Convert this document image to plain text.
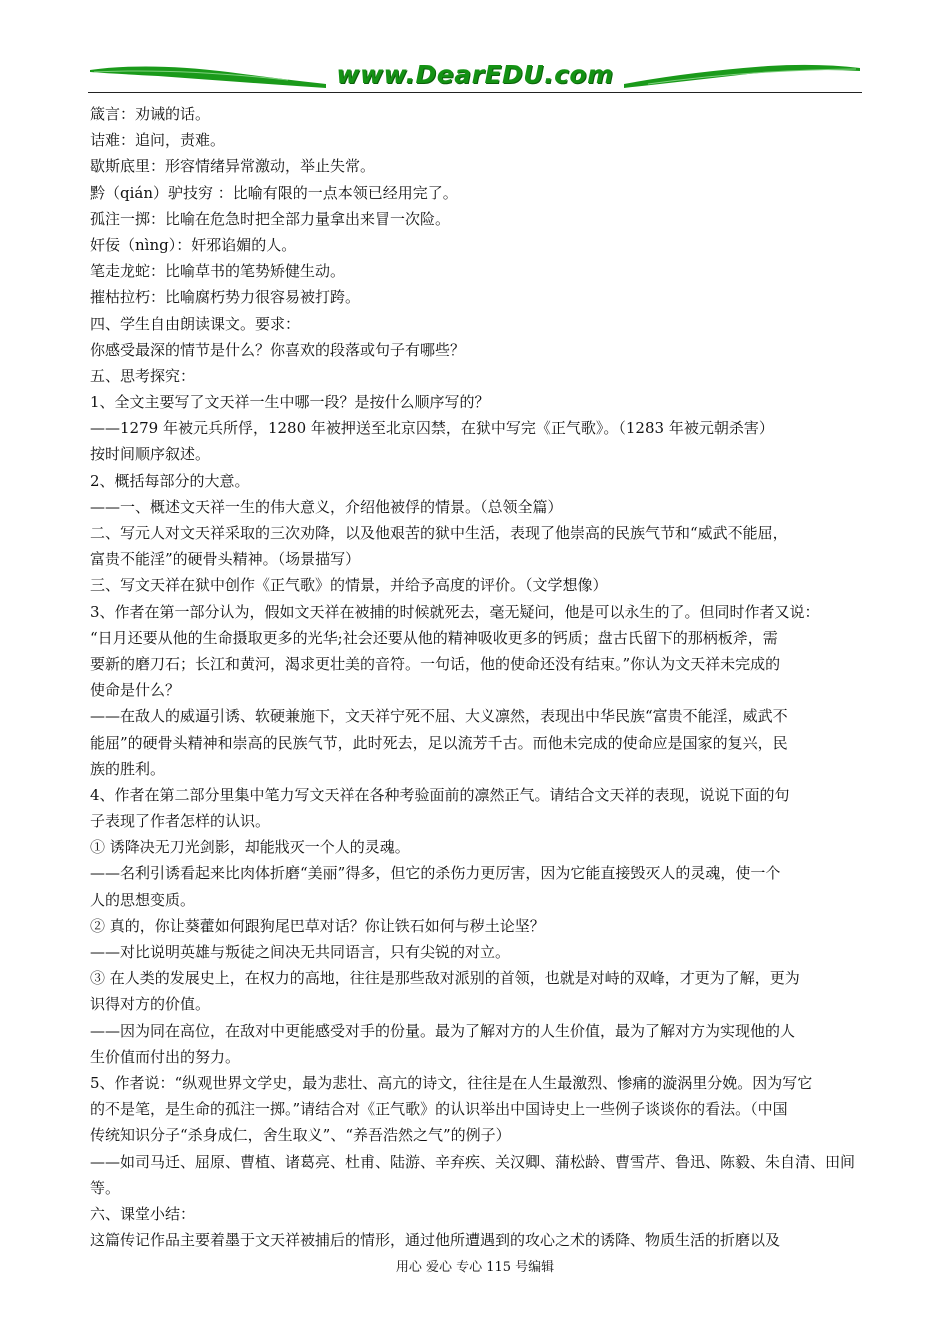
www.DearEDU.com
箴言：劝诫的话。
诘难：追问，责难。
歇斯底里：形容情绪异常激动，举止失常。
黔（qián）驴技穷 ：比喻有限的一点本领已经用完了。
孤注一掷：比喻在危急时把全部力量拿出来冒一次险。
奸佞（nìng）：奸邪谄媚的人。
笔走龙蛇：比喻草书的笔势矫健生动。
摧枯拉朽：比喻腐朽势力很容易被打跨。
四、学生自由朗读课文。要求：
你感受最深的情节是什么？你喜欢的段落或句子有哪些？
五、思考探究：
1、全文主要写了文天祥一生中哪一段？是按什么顺序写的？
——1279 年被元兵所俘，1280 年被押送至北京囚禁，在狱中写完《正气歌》。（1283 年被元朝杀害）
按时间顺序叙述。
2、概括每部分的大意。
——一、概述文天祥一生的伟大意义，介绍他被俘的情景。（总领全篇）
二、写元人对文天祥采取的三次劝降，以及他艰苦的狱中生活，表现了他崇高的民族气节和“威武不能屈，
富贵不能淫”的硬骨头精神。（场景描写）
三、写文天祥在狱中创作《正气歌》的情景，并给予高度的评价。（文学想像）
3、作者在第一部分认为，假如文天祥在被捕的时候就死去，毫无疑问，他是可以永生的了。但同时作者又说：
“日月还要从他的生命摄取更多的光华;社会还要从他的精神吸收更多的钙质；盘古氏留下的那柄板斧，需
要新的磨刀石；长江和黄河，渴求更壮美的音符。一句话，他的使命还没有结束。”你认为文天祥未完成的
使命是什么？
——在敌人的威逼引诱、软硬兼施下，文天祥宁死不屈、大义凛然，表现出中华民族“富贵不能淫，威武不
能屈”的硬骨头精神和崇高的民族气节，此时死去，足以流芳千古。而他未完成的使命应是国家的复兴，民
族的胜利。
4、作者在第二部分里集中笔力写文天祥在各种考验面前的凛然正气。请结合文天祥的表现，说说下面的句
子表现了作者怎样的认识。
① 诱降决无刀光剑影，却能戕灭一个人的灵魂。
——名利引诱看起来比肉体折磨“美丽”得多，但它的杀伤力更厉害，因为它能直接毁灭人的灵魂，使一个
人的思想变质。
② 真的，你让葵藿如何跟狗尾巴草对话？你让铁石如何与秽土论坚？
——对比说明英雄与叛徒之间决无共同语言，只有尖锐的对立。
③ 在人类的发展史上，在权力的高地，往往是那些敌对派别的首领，也就是对峙的双峰，才更为了解，更为
识得对方的价值。
——因为同在高位，在敌对中更能感受对手的份量。最为了解对方的人生价值，最为了解对方为实现他的人
生价值而付出的努力。
5、作者说：“纵观世界文学史，最为悲壮、高亢的诗文，往往是在人生最激烈、惨痛的漩涡里分娩。因为写它
的不是笔，是生命的孤注一掷。”请结合对《正气歌》的认识举出中国诗史上一些例子谈谈你的看法。（中国
传统知识分子“杀身成仁，舍生取义”、“养吾浩然之气”的例子）
——如司马迁、屈原、曹植、诸葛亮、杜甫、陆游、辛弃疾、关汉卿、蒲松龄、曹雪芹、鲁迅、陈毅、朱自清、田间
等。
六、课堂小结：
这篇传记作品主要着墨于文天祥被捕后的情形，通过他所遭遇到的攻心之术的诱降、物质生活的折磨以及
用心 爱心 专心 115 号编辑
